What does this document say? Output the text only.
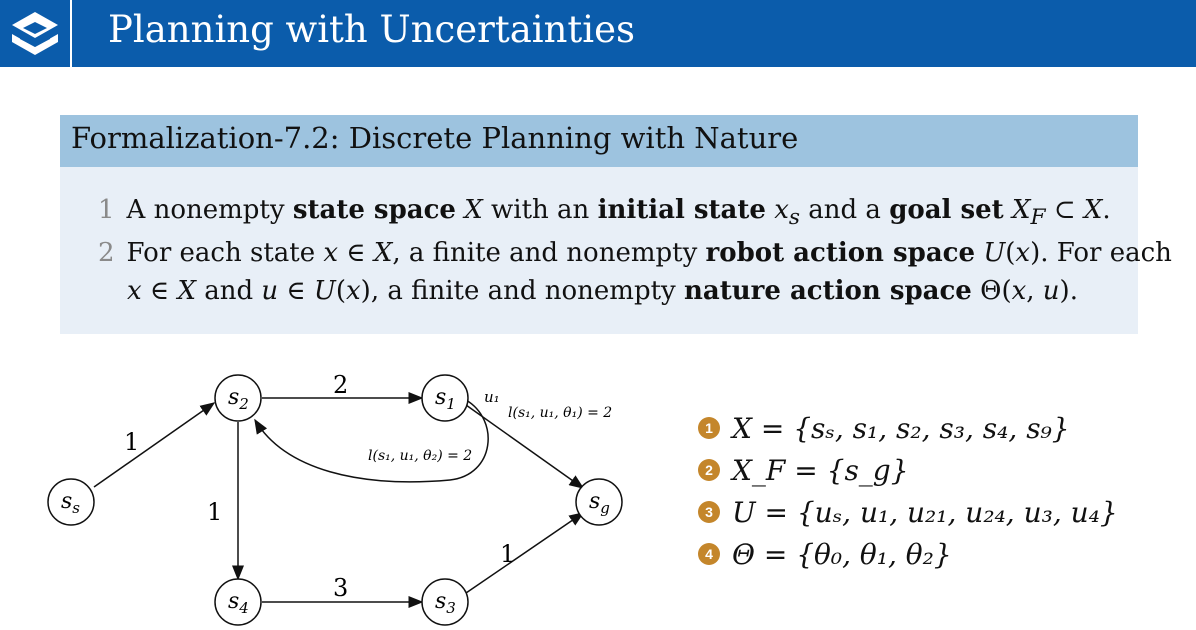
Planning with Uncertainties
Formalization-7.2: Discrete Planning with Nature
1 A nonempty state space X with an initial state $x_s$ and a goal set $X_F$ ⊂ X.
2 For each state x ∈ X, a finite and nonempty robot action space U(x). For each
x ∈ X and u ∈ U(x), a finite and nonempty nature action space Θ(x, u).
1
2
1
3
1
l(s₁, u₁, θ₁) = 2
l(s₁, u₁, θ₂) = 2
u₁
$s_s$
$s_2$	$s_1$
$s_g$
$s_4$	$s_3$
1 X = {sₛ, s₁, s₂, s₃, s₄, s₉}
2 X_F = {s_g}
3 U = {uₛ, u₁, u₂₁, u₂₄, u₃, u₄}
4 Θ = {θ₀, θ₁, θ₂}
